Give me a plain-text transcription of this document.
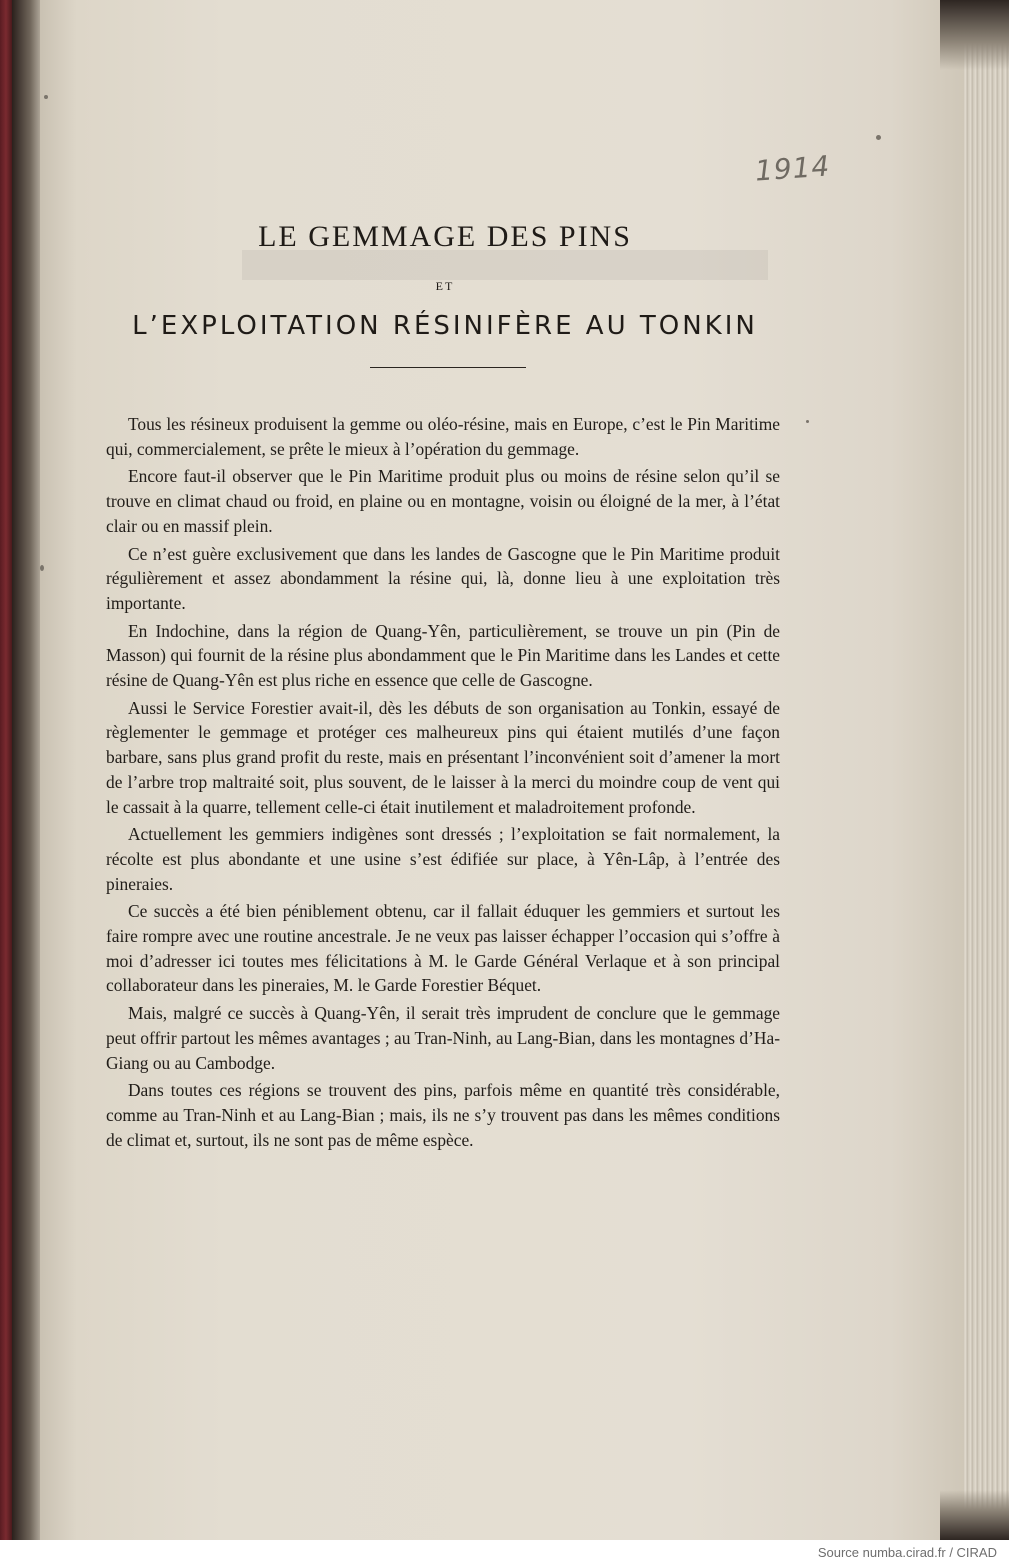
1914
LE GEMMAGE DES PINS
ET
L’EXPLOITATION RÉSINIFÈRE AU TONKIN

Tous les résineux produisent la gemme ou oléo-résine, mais en Europe, c’est le Pin Maritime qui, commercialement, se prête le mieux à l’opération du gemmage.

Encore faut-il observer que le Pin Maritime produit plus ou moins de résine selon qu’il se trouve en climat chaud ou froid, en plaine ou en montagne, voisin ou éloigné de la mer, à l’état clair ou en massif plein.

Ce n’est guère exclusivement que dans les landes de Gascogne que le Pin Maritime produit régulièrement et assez abondamment la résine qui, là, donne lieu à une exploitation très importante.

En Indochine, dans la région de Quang-Yên, particulièrement, se trouve un pin (Pin de Masson) qui fournit de la résine plus abondamment que le Pin Maritime dans les Landes et cette résine de Quang-Yên est plus riche en essence que celle de Gascogne.

Aussi le Service Forestier avait-il, dès les débuts de son organisation au Tonkin, essayé de règlementer le gemmage et protéger ces malheureux pins qui étaient mutilés d’une façon barbare, sans plus grand profit du reste, mais en présentant l’inconvénient soit d’amener la mort de l’arbre trop maltraité soit, plus souvent, de le laisser à la merci du moindre coup de vent qui le cassait à la quarre, tellement celle-ci était inutilement et maladroitement profonde.

Actuellement les gemmiers indigènes sont dressés ; l’exploitation se fait normalement, la récolte est plus abondante et une usine s’est édifiée sur place, à Yên-Lâp, à l’entrée des pineraies.

Ce succès a été bien péniblement obtenu, car il fallait éduquer les gemmiers et surtout les faire rompre avec une routine ancestrale. Je ne veux pas laisser échapper l’occasion qui s’offre à moi d’adresser ici toutes mes félicitations à M. le Garde Général Verlaque et à son principal collaborateur dans les pineraies, M. le Garde Forestier Béquet.

Mais, malgré ce succès à Quang-Yên, il serait très imprudent de conclure que le gemmage peut offrir partout les mêmes avantages ; au Tran-Ninh, au Lang-Bian, dans les montagnes d’Ha-Giang ou au Cambodge.

Dans toutes ces régions se trouvent des pins, parfois même en quantité très considérable, comme au Tran-Ninh et au Lang-Bian ; mais, ils ne s’y trouvent pas dans les mêmes conditions de climat et, surtout, ils ne sont pas de même espèce.

Source numba.cirad.fr / CIRAD
